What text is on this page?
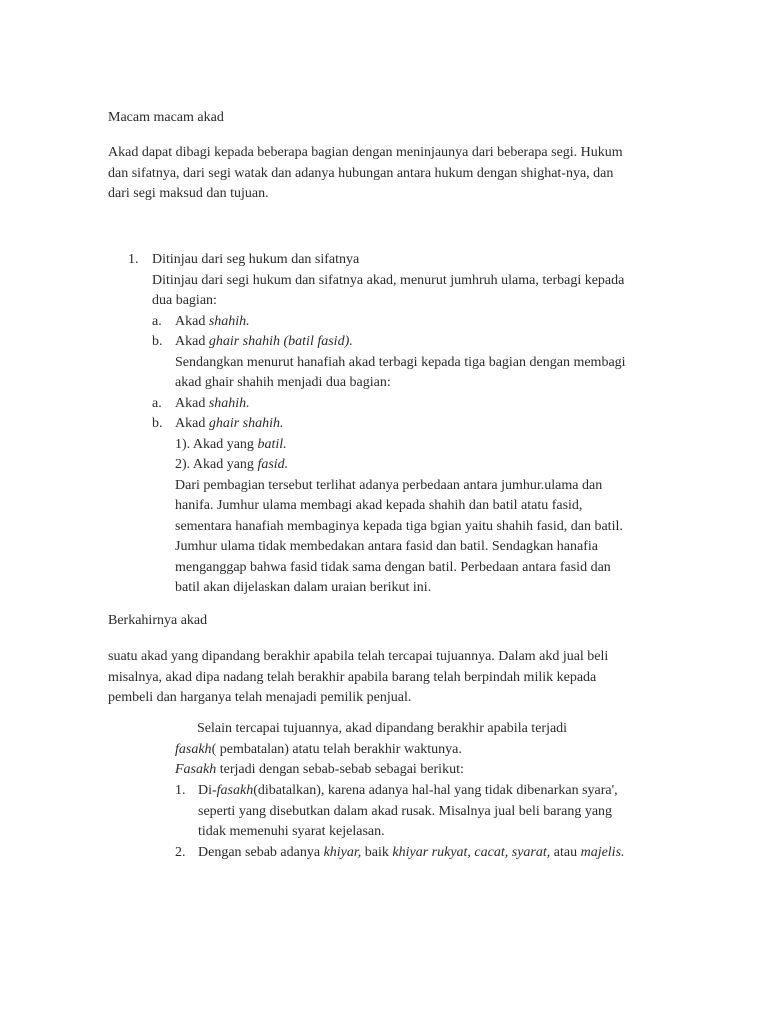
Macam macam akad

Akad dapat dibagi kepada beberapa bagian dengan meninjaunya dari beberapa segi. Hukum
dan sifatnya, dari segi watak dan adanya hubungan antara hukum dengan shighat-nya, dan
dari segi maksud dan tujuan.

1. Ditinjau dari seg hukum dan sifatnya
Ditinjau dari segi hukum dan sifatnya akad, menurut jumhruh ulama, terbagi kepada
dua bagian:
a. Akad shahih.
b. Akad ghair shahih (batil fasid).
Sendangkan menurut hanafiah akad terbagi kepada tiga bagian dengan membagi
akad ghair shahih menjadi dua bagian:
a. Akad shahih.
b. Akad ghair shahih.
1). Akad yang batil.
2). Akad yang fasid.
Dari pembagian tersebut terlihat adanya perbedaan antara jumhur.ulama dan
hanifa. Jumhur ulama membagi akad kepada shahih dan batil atatu fasid,
sementara hanafiah membaginya kepada tiga bgian yaitu shahih fasid, dan batil.
Jumhur ulama tidak membedakan antara fasid dan batil. Sendagkan hanafia
menganggap bahwa fasid tidak sama dengan batil. Perbedaan antara fasid dan
batil akan dijelaskan dalam uraian berikut ini.

Berkahirnya akad

suatu akad yang dipandang berakhir apabila telah tercapai tujuannya. Dalam akd jual beli
misalnya, akad dipa nadang telah berakhir apabila barang telah berpindah milik kepada
pembeli dan harganya telah menajadi pemilik penjual.

Selain tercapai tujuannya, akad dipandang berakhir apabila terjadi
fasakh( pembatalan) atatu telah berakhir waktunya.
Fasakh terjadi dengan sebab-sebab sebagai berikut:
1. Di-fasakh(dibatalkan), karena adanya hal-hal yang tidak dibenarkan syara',
seperti yang disebutkan dalam akad rusak. Misalnya jual beli barang yang
tidak memenuhi syarat kejelasan.
2. Dengan sebab adanya khiyar, baik khiyar rukyat, cacat, syarat, atau majelis.
